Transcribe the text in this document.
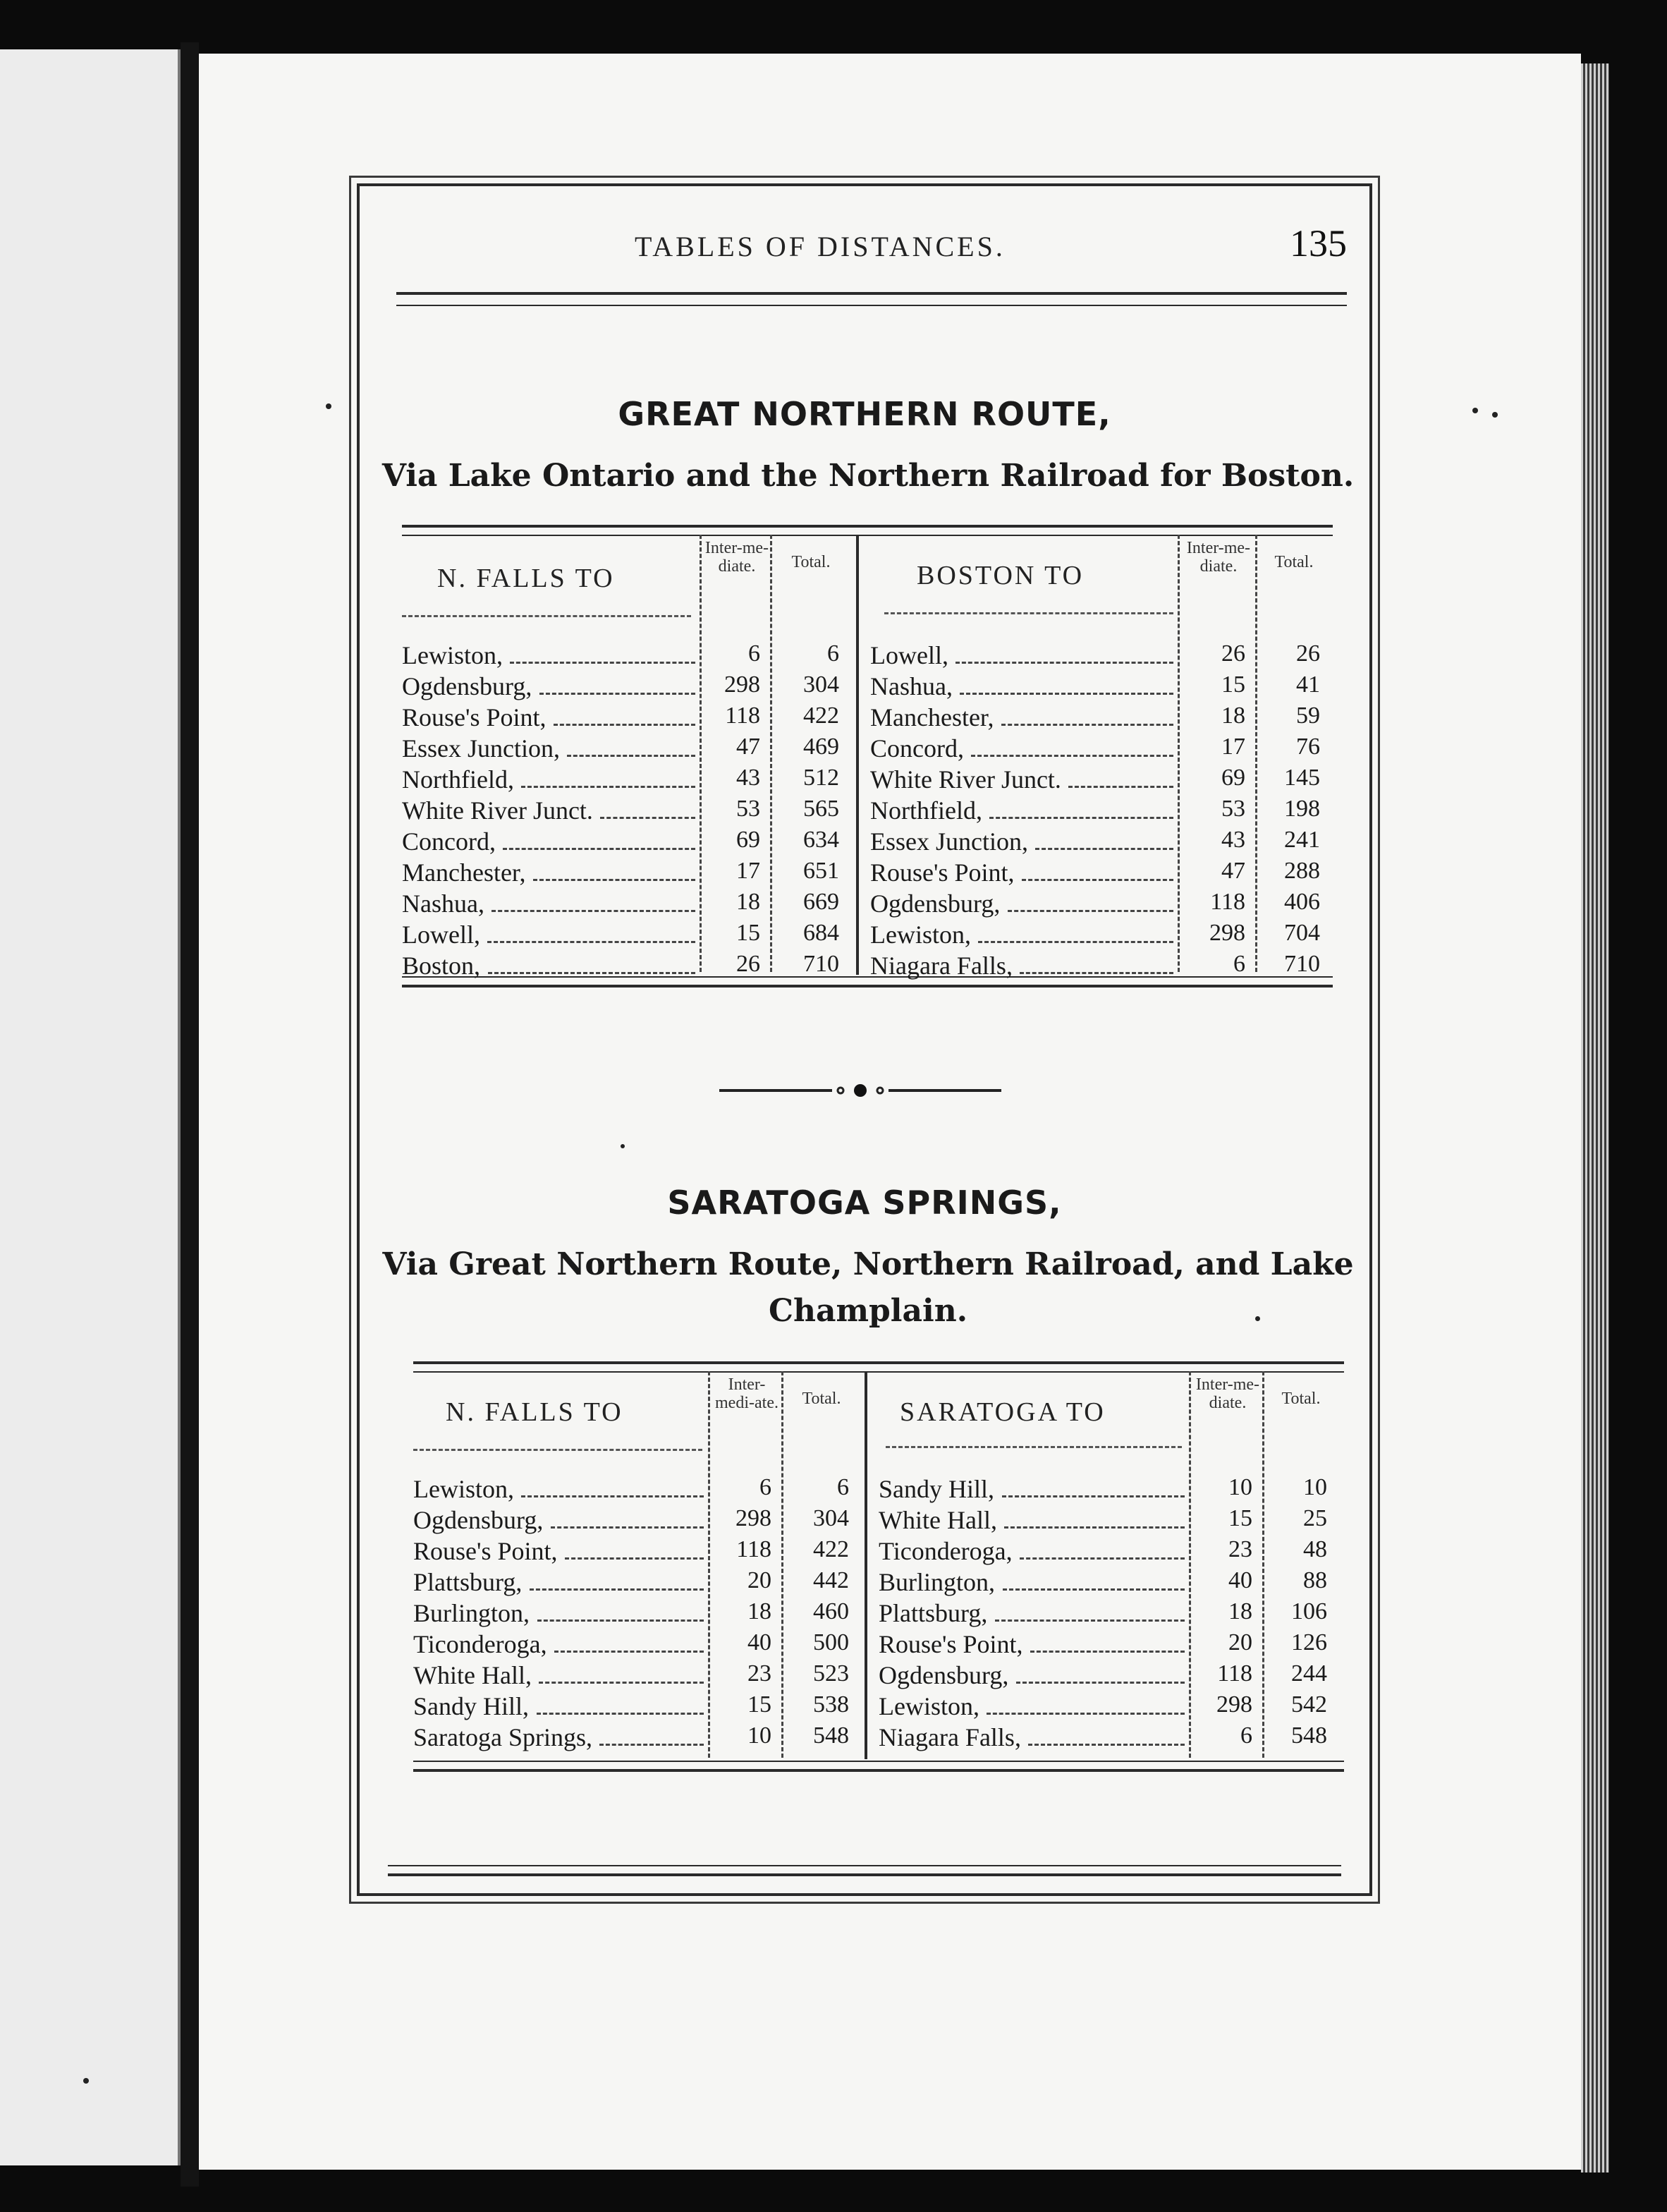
TABLES OF DISTANCES.	135
GREAT NORTHERN ROUTE,
Via Lake Ontario and the Northern Railroad for Boston.
N. FALLS TO
Inter-me-diate.	Total.
Lewiston,	6	6
Ogdensburg,	298	304
Rouse's Point,	118	422
Essex Junction,	47	469
Northfield,	43	512
White River Junct.	53	565
Concord,	69	634
Manchester,	17	651
Nashua,	18	669
Lowell,	15	684
Boston,	26	710
BOSTON TO
Inter-me-diate.	Total.
Lowell,	26	26
Nashua,	15	41
Manchester,	18	59
Concord,	17	76
White River Junct.	69	145
Northfield,	53	198
Essex Junction,	43	241
Rouse's Point,	47	288
Ogdensburg,	118	406
Lewiston,	298	704
Niagara Falls,	6	710
SARATOGA SPRINGS,
Via Great Northern Route, Northern Railroad, and Lake
Champlain.
N. FALLS TO
Inter-medi-ate.	Total.
Lewiston,	6	6
Ogdensburg,	298	304
Rouse's Point,	118	422
Plattsburg,	20	442
Burlington,	18	460
Ticonderoga,	40	500
White Hall,	23	523
Sandy Hill,	15	538
Saratoga Springs,	10	548
SARATOGA TO
Inter-me-diate.	Total.
Sandy Hill,	10	10
White Hall,	15	25
Ticonderoga,	23	48
Burlington,	40	88
Plattsburg,	18	106
Rouse's Point,	20	126
Ogdensburg,	118	244
Lewiston,	298	542
Niagara Falls,	6	548
